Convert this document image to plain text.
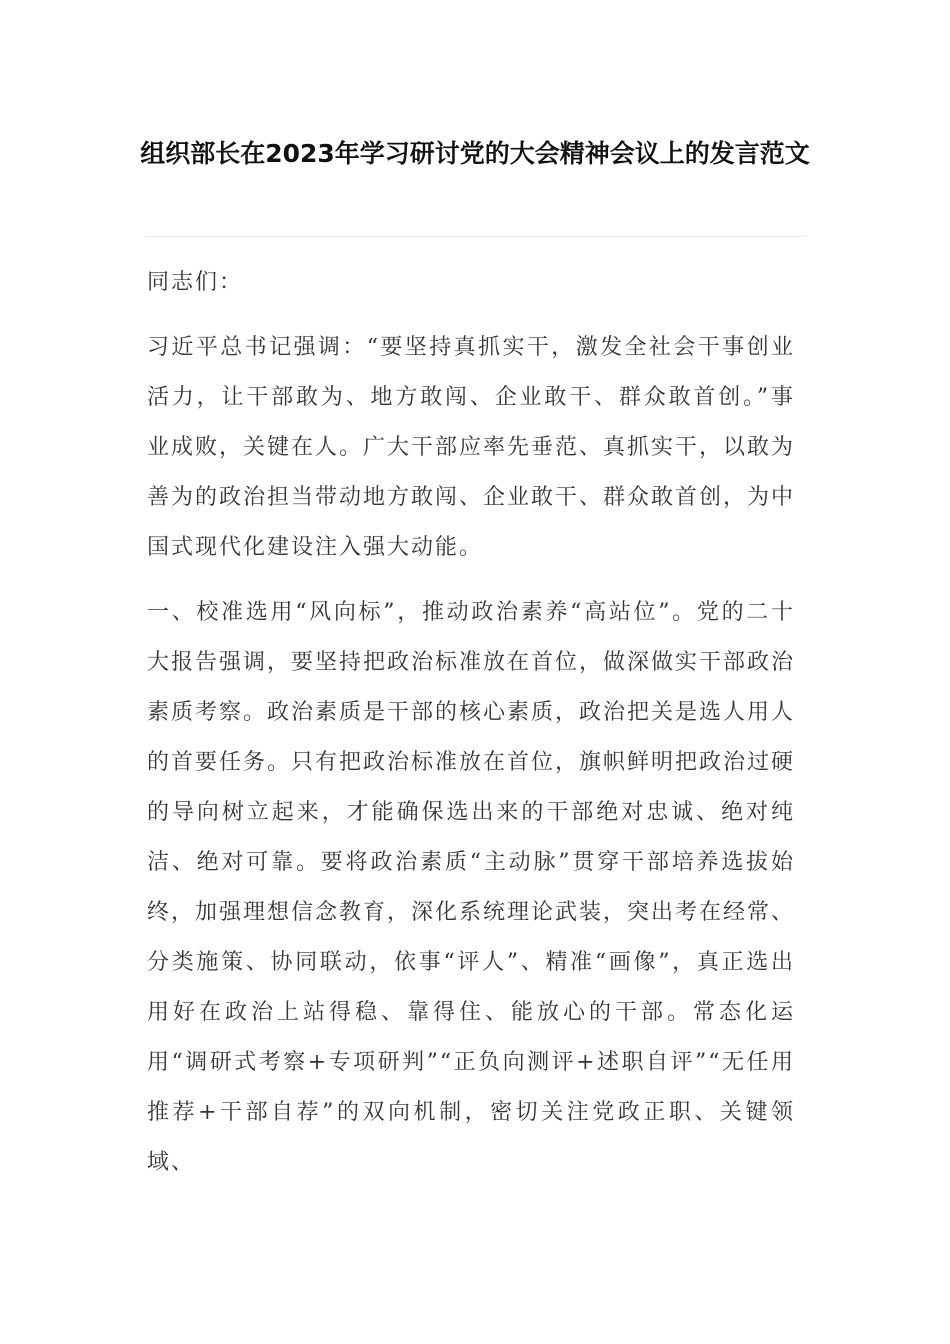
组织部长在2023年学习研讨党的大会精神会议上的发言范文

同志们：

习近平总书记强调：“要坚持真抓实干，激发全社会干事创业活力，让干部敢为、地方敢闯、企业敢干、群众敢首创。”事业成败，关键在人。广大干部应率先垂范、真抓实干，以敢为善为的政治担当带动地方敢闯、企业敢干、群众敢首创，为中国式现代化建设注入强大动能。

一、校准选用“风向标”，推动政治素养“高站位”。党的二十大报告强调，要坚持把政治标准放在首位，做深做实干部政治素质考察。政治素质是干部的核心素质，政治把关是选人用人的首要任务。只有把政治标准放在首位，旗帜鲜明把政治过硬的导向树立起来，才能确保选出来的干部绝对忠诚、绝对纯洁、绝对可靠。要将政治素质“主动脉”贯穿干部培养选拔始终，加强理想信念教育，深化系统理论武装，突出考在经常、分类施策、协同联动，依事“评人”、精准“画像”，真正选出用好在政治上站得稳、靠得住、能放心的干部。常态化运用“调研式考察+专项研判”“正负向测评+述职自评”“无任用推荐+干部自荐”的双向机制，密切关注党政正职、关键领域、
